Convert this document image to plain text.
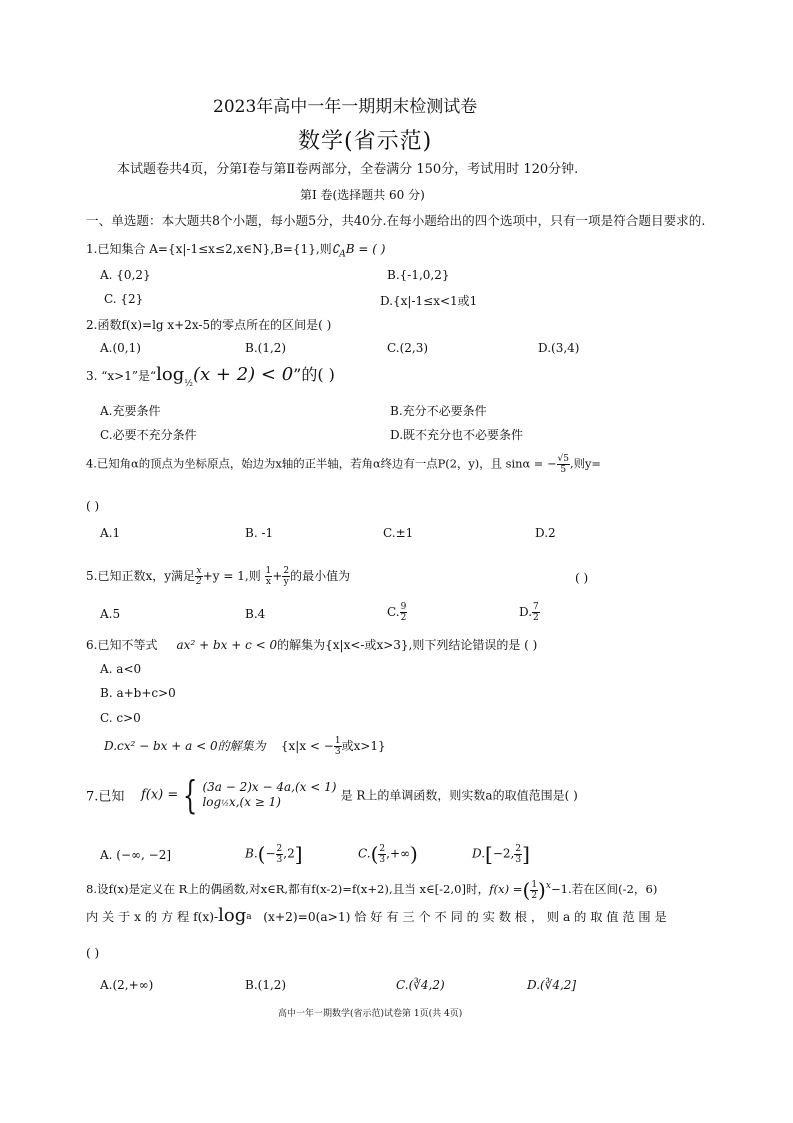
2023年高中一年一期期末检测试卷
数学(省示范)
本试题卷共4页，分第Ⅰ卷与第Ⅱ卷两部分，全卷满分 150分，考试用时 120分钟.
第Ⅰ 卷(选择题共 60 分)
一、单选题：本大题共8个小题，每小题5分，共40分.在每小题给出的四个选项中，只有一项是符合题目要求的.
1.已知集合 A={x|-1≤x≤2,x∈N},B={1},则$∁_AB$ = ( )
A. {0,2}	B.{-1,0,2}
C. {2}	D.{x|-1≤x<1或1
2.函数f(x)=lg x+2x-5的零点所在的区间是( )
A.(0,1)	B.(1,2)	C.(2,3)	D.(3,4)
3. “x>1”是“$\log_{\frac{1}{2}}(x + 2) < 0$”的( )
A.充要条件	B.充分不必要条件
C.必要不充分条件	D.既不充分也不必要条件
4.已知角α的顶点为坐标原点，始边为x轴的正半轴，若角α终边有一点P(2，y)，且 sinα = − $\frac{√5}{5}$ ,则y=
( )
A.1	B. -1	C.±1	D.2
5.已知正数x，y满足 $\frac{x}{2} +y = 1$,则 $\frac{1}{x} + \frac{2}{y}$ 的最小值为	( )
A.5	B.4	C. $\frac{9}{2}$	D. $\frac{7}{2}$
6.已知不等式 ax² + bx + c < 0的解集为{x|x<-或x>3},则下列结论错误的是 ( )
A. a<0
B. a+b+c>0
C. c>0
D.cx² − bx + a < 0的解集为 {x|x < − $\frac{1}{3}$ 或x>1}
7.已知 f(x) = { (3a − 2)x − 4a,(x < 1)
log½x,(x ≥ 1)	是 R上的单调函数，则实数a的取值范围是( )
A. (−∞, −2]	$B.(- \frac{2}{3} ,2]$	$C.( \frac{2}{3}$ ,+∞)	D.[−2, $\frac{2}{3}$ ]
8.设f(x)是定义在 R上的偶函数,对x∈R,都有f(x-2)=f(x+2),且当 x∈[-2,0]时，f(x) =( $\frac{1}{2} )^x-1$.若在区间(-2，6)
内 关 于 x 的 方 程 f(x)-loga (x+2)=0(a>1) 恰 好 有 三 个 不 同 的 实 数 根 ， 则 a 的 取 值 范 围 是
( )
A.(2,+∞)	B.(1,2)	C.(∛4,2)	D.(∛4,2]
高中一年一期数学(省示范)试卷第 1页(共 4页)
